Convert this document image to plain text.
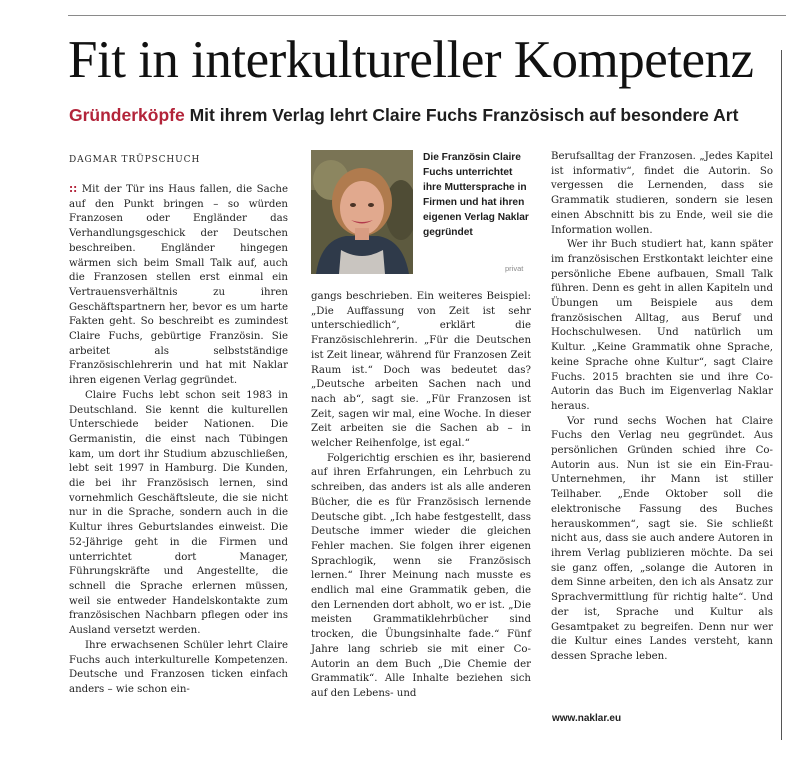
Fit in interkultureller Kompetenz
Gründerköpfe Mit ihrem Verlag lehrt Claire Fuchs Französisch auf besondere Art
DAGMAR TRÜPSCHUCH

:: Mit der Tür ins Haus fallen, die Sache auf den Punkt bringen – so würden Franzosen oder Engländer das Verhandlungsgeschick der Deutschen beschreiben. Engländer hingegen wärmen sich beim Small Talk auf, auch die Franzosen stellen erst einmal ein Vertrauensverhältnis zu ihren Geschäftspartnern her, bevor es um harte Fakten geht. So beschreibt es zumindest Claire Fuchs, gebürtige Französin. Sie arbeitet als selbstständige Französischlehrerin und hat mit Naklar ihren eigenen Verlag gegründet.

Claire Fuchs lebt schon seit 1983 in Deutschland. Sie kennt die kulturellen Unterschiede beider Nationen. Die Germanistin, die einst nach Tübingen kam, um dort ihr Studium abzuschließen, lebt seit 1997 in Hamburg. Die Kunden, die bei ihr Französisch lernen, sind vornehmlich Geschäftsleute, die sie nicht nur in die Sprache, sondern auch in die Kultur ihres Geburtslandes einweist. Die 52-Jährige geht in die Firmen und unterrichtet dort Manager, Führungskräfte und Angestellte, die schnell die Sprache erlernen müssen, weil sie entweder Handelskontakte zum französischen Nachbarn pflegen oder ins Ausland versetzt werden.

Ihre erwachsenen Schüler lehrt Claire Fuchs auch interkulturelle Kompetenzen. Deutsche und Franzosen ticken einfach anders – wie schon ein-

Die Französin Claire Fuchs unterrichtet ihre Muttersprache in Firmen und hat ihren eigenen Verlag Naklar gegründet
privat

gangs beschrieben. Ein weiteres Beispiel: „Die Auffassung von Zeit ist sehr unterschiedlich“, erklärt die Französischlehrerin. „Für die Deutschen ist Zeit linear, während für Franzosen Zeit Raum ist.“ Doch was bedeutet das? „Deutsche arbeiten Sachen nach und nach ab“, sagt sie. „Für Franzosen ist Zeit, sagen wir mal, eine Woche. In dieser Zeit arbeiten sie die Sachen ab – in welcher Reihenfolge, ist egal.“

Folgerichtig erschien es ihr, basierend auf ihren Erfahrungen, ein Lehrbuch zu schreiben, das anders ist als alle anderen Bücher, die es für Französisch lernende Deutsche gibt. „Ich habe festgestellt, dass Deutsche immer wieder die gleichen Fehler machen. Sie folgen ihrer eigenen Sprachlogik, wenn sie Französisch lernen.“ Ihrer Meinung nach musste es endlich mal eine Grammatik geben, die den Lernenden dort abholt, wo er ist. „Die meisten Grammatiklehrbücher sind trocken, die Übungsinhalte fade.“ Fünf Jahre lang schrieb sie mit einer Co-Autorin an dem Buch „Die Chemie der Grammatik“. Alle Inhalte beziehen sich auf den Lebens- und

Berufsalltag der Franzosen. „Jedes Kapitel ist informativ“, findet die Autorin. So vergessen die Lernenden, dass sie Grammatik studieren, sondern sie lesen einen Abschnitt bis zu Ende, weil sie die Information wollen.

Wer ihr Buch studiert hat, kann später im französischen Erstkontakt leichter eine persönliche Ebene aufbauen, Small Talk führen. Denn es geht in allen Kapiteln und Übungen um Beispiele aus dem französischen Alltag, aus Beruf und Hochschulwesen. Und natürlich um Kultur. „Keine Grammatik ohne Sprache, keine Sprache ohne Kultur“, sagt Claire Fuchs. 2015 brachten sie und ihre Co-Autorin das Buch im Eigenverlag Naklar heraus.

Vor rund sechs Wochen hat Claire Fuchs den Verlag neu gegründet. Aus persönlichen Gründen schied ihre Co-Autorin aus. Nun ist sie ein Ein-Frau-Unternehmen, ihr Mann ist stiller Teilhaber. „Ende Oktober soll die elektronische Fassung des Buches herauskommen“, sagt sie. Sie schließt nicht aus, dass sie auch andere Autoren in ihrem Verlag publizieren möchte. Da sei sie ganz offen, „solange die Autoren in dem Sinne arbeiten, den ich als Ansatz zur Sprachvermittlung für richtig halte“. Und der ist, Sprache und Kultur als Gesamtpaket zu begreifen. Denn nur wer die Kultur eines Landes versteht, kann dessen Sprache leben.

www.naklar.eu
